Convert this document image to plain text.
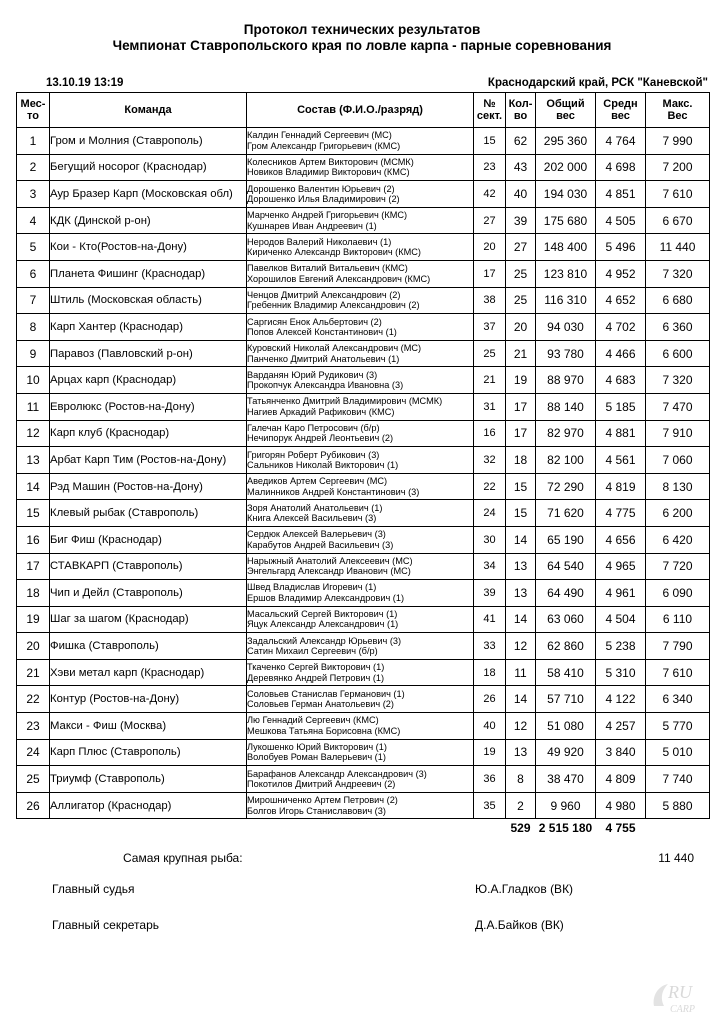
Протокол технических результатов
Чемпионат Ставропольского края по ловле карпа - парные соревнования
13.10.19 13:19	Краснодарский край, РСК "Каневской"
Мес-
то	Команда	Состав (Ф.И.О./разряд)	№
сект.	Кол-
во	Общий
вес	Средн
вес	Макс.
Вес
1	Гром и Молния (Ставрополь)	Калдин Геннадий Сергеевич (МС)
Гром Александр Григорьевич (КМС)	15	62	295 360	4 764	7 990
2	Бегущий носорог (Краснодар)	Колесников Артем Викторович (МСМК)
Новиков Владимир Викторович (КМС)	23	43	202 000	4 698	7 200
3	Аур Бразер Карп (Московская обл)	Дорошенко Валентин Юрьевич (2)
Дорошенко Илья Владимирович (2)	42	40	194 030	4 851	7 610
4	КДК (Динской р-он)	Марченко Андрей Григорьевич (КМС)
Кушнарев Иван Андреевич (1)	27	39	175 680	4 505	6 670
5	Кои - Кто(Ростов-на-Дону)	Неродов Валерий Николаевич (1)
Кириченко Александр Викторович (КМС)	20	27	148 400	5 496	11 440
6	Планета Фишинг (Краснодар)	Павелков Виталий Витальевич (КМС)
Хорошилов Евгений Александрович (КМС)	17	25	123 810	4 952	7 320
7	Штиль (Московская область)	Ченцов Дмитрий Александрович (2)
Гребенник Владимир Александрович (2)	38	25	116 310	4 652	6 680
8	Карп Хантер (Краснодар)	Саргисян Енок Альбертович (2)
Попов Алексей Константинович (1)	37	20	94 030	4 702	6 360
9	Паравоз (Павловский р-он)	Куровский Николай Александрович (МС)
Панченко Дмитрий Анатольевич (1)	25	21	93 780	4 466	6 600
10	Арцах карп (Краснодар)	Варданян Юрий Рудикович (3)
Прокопчук Александра Ивановна (3)	21	19	88 970	4 683	7 320
11	Евролюкс (Ростов-на-Дону)	Татьянченко Дмитрий Владимирович (МСМК)
Нагиев Аркадий Рафикович (КМС)	31	17	88 140	5 185	7 470
12	Карп клуб (Краснодар)	Галечан Каро Петросович (б/р)
Нечипорук Андрей Леонтьевич (2)	16	17	82 970	4 881	7 910
13	Арбат Карп Тим (Ростов-на-Дону)	Григорян Роберт Рубикович (3)
Сальников Николай Викторович (1)	32	18	82 100	4 561	7 060
14	Рэд Машин (Ростов-на-Дону)	Аведиков Артем Сергеевич (МС)
Малинников Андрей Константинович (3)	22	15	72 290	4 819	8 130
15	Клевый рыбак (Ставрополь)	Зоря Анатолий Анатольевич (1)
Книга Алексей Васильевич (3)	24	15	71 620	4 775	6 200
16	Биг Фиш (Краснодар)	Сердюк Алексей Валерьевич (3)
Карабутов Андрей Васильевич (3)	30	14	65 190	4 656	6 420
17	СТАВКАРП (Ставрополь)	Нарыжный Анатолий Алексеевич (МС)
Энгельгард Александр Иванович (МС)	34	13	64 540	4 965	7 720
18	Чип и Дейл (Ставрополь)	Швед Владислав Игоревич (1)
Ершов Владимир Александрович (1)	39	13	64 490	4 961	6 090
19	Шаг за шагом (Краснодар)	Масальский Сергей Викторович (1)
Яцук Александр Александрович (1)	41	14	63 060	4 504	6 110
20	Фишка (Ставрополь)	Задальский Александр Юрьевич (3)
Сатин Михаил Сергеевич (б/р)	33	12	62 860	5 238	7 790
21	Хэви метал карп (Краснодар)	Ткаченко Сергей Викторович (1)
Деревянко Андрей Петрович (1)	18	11	58 410	5 310	7 610
22	Контур (Ростов-на-Дону)	Соловьев Станислав Германович (1)
Соловьев Герман Анатольевич (2)	26	14	57 710	4 122	6 340
23	Макси - Фиш (Москва)	Лю Геннадий Сергеевич (КМС)
Мешкова Татьяна Борисовна (КМС)	40	12	51 080	4 257	5 770
24	Карп Плюс (Ставрополь)	Лукошенко Юрий Викторович (1)
Волобуев Роман Валерьевич (1)	19	13	49 920	3 840	5 010
25	Триумф (Ставрополь)	Барафанов Александр Александрович (3)
Покотилов Дмитрий Андреевич (2)	36	8	38 470	4 809	7 740
26	Аллигатор (Краснодар)	Мирошниченко Артем Петрович (2)
Болгов Игорь Станиславович (3)	35	2	9 960	4 980	5 880
				529	2 515 180	4 755	
Самая крупная рыба:	11 440
Главный судья	Ю.А.Гладков (ВК)
Главный секретарь	Д.А.Байков (ВК)
RU
CARP
